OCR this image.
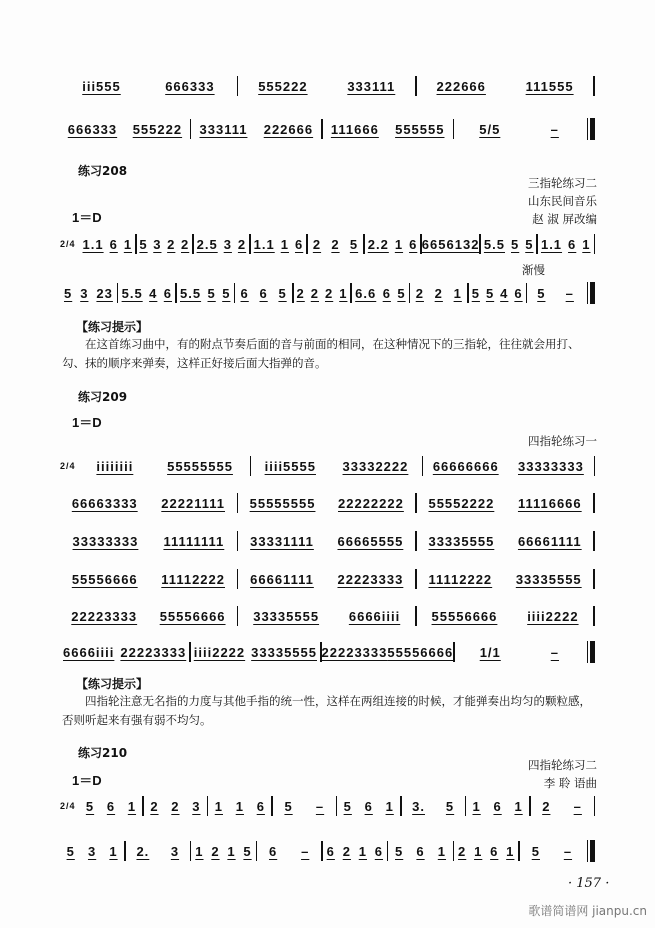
iii555	666333	555222	333111	222666	111555
666333 555222 333111 222666 111666 555555	5/5	–
练习208
三指轮练习二
山东民间音乐
赵 淑 屏改编
1＝D
2/4 1.1 6 1 5 3 2 2 2.5 3 2 1.1 1 6 2 2 5 2.2 1 6 6 65 6132 5.5 5 5 1.1 6 1
渐慢
5 3 23 5.5 4 6 5.5 5 5 6 6 5 2 2 2 1 6.6 6 5 2 2 1 5 5 4 6 5 –
【练习提示】
在这首练习曲中，有的附点节奏后面的音与前面的相同，在这种情况下的三指轮，往往就会用打、勾、抹的顺序来弹奏，这样正好接后面大指弹的音。
练习209
1＝D
四指轮练习一
2/4 iiiiiiii	55555555 iiii5555 33332222 66666666 33333333
66663333 22221111 55555555 22222222 55552222 11116666
33333333 11111111 33331111 66665555 33335555 66661111
55556666 11112222 66661111 22223333 11112222 33335555
22223333 55556666 33335555 6666iiii 55556666 iiii2222
6666iiii 22223333 iiii2222 33335555 22223333 55556666 1/1	–
【练习提示】
四指轮注意无名指的力度与其他手指的统一性，这样在两组连接的时候，才能弹奏出均匀的颗粒感，否则听起来有强有弱不均匀。
练习210
四指轮练习二
李 聆 语曲
1＝D
2/4 5 6 1 2 2 3 1 1 6 5 – 5 6 1 3. 5 1 6 1 2 –
5 3 1 2. 3 1 2 1 5 6 – 6 2 1 6 5 6 1 2 1 6 1 5 –
· 157 ·
歌谱简谱网 jianpu.cn
